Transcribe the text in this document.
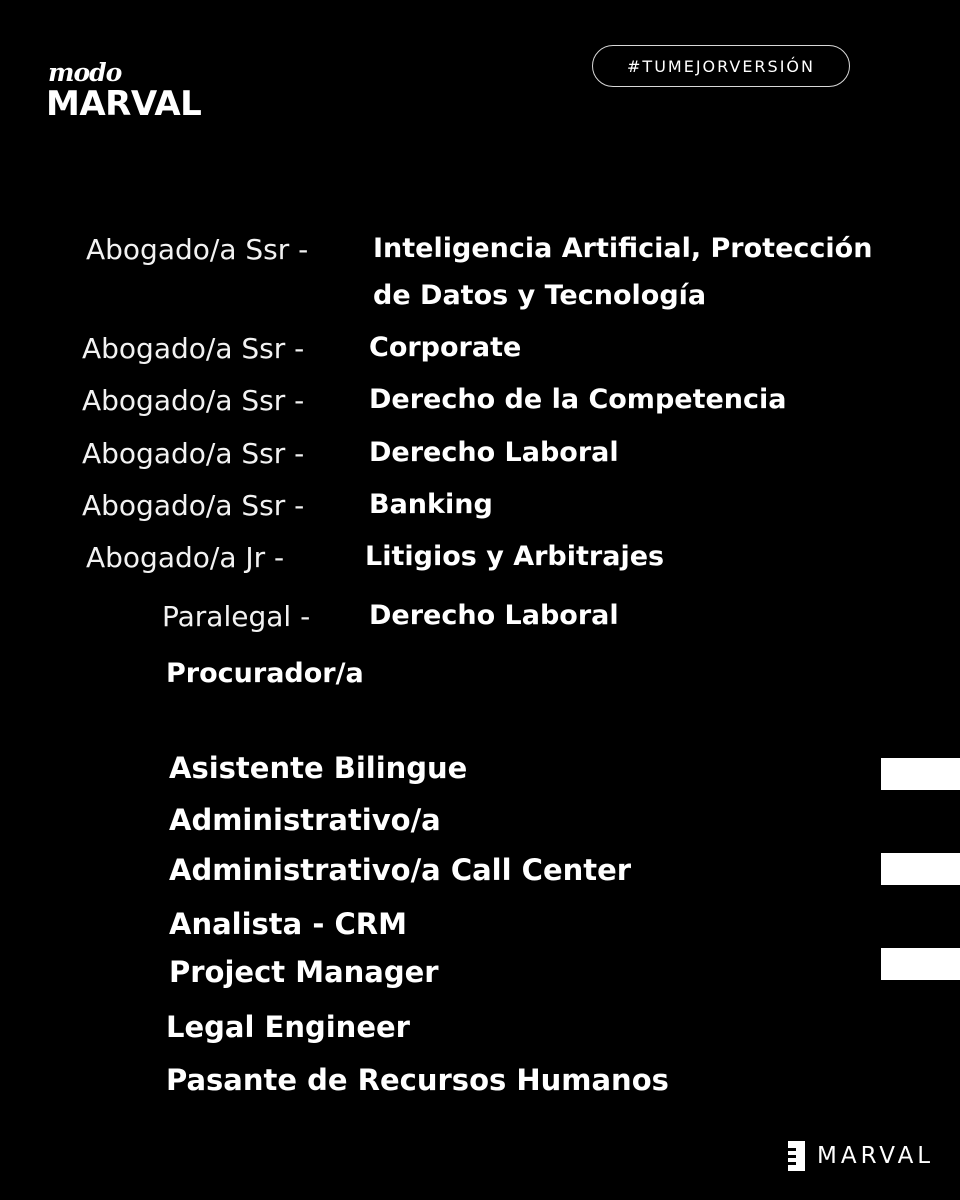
modo
MARVAL
#TUMEJORVERSIÓN
Abogado/a Ssr - Inteligencia Artificial, Protección
de Datos y Tecnología
Abogado/a Ssr - Corporate
Abogado/a Ssr - Derecho de la Competencia
Abogado/a Ssr - Derecho Laboral
Abogado/a Ssr - Banking
Abogado/a Jr -	Litigios y Arbitrajes
Paralegal - Derecho Laboral
Procurador/a
Asistente Bilingue
Administrativo/a
Administrativo/a Call Center
Analista - CRM
Project Manager
Legal Engineer
Pasante de Recursos Humanos
MARVAL
